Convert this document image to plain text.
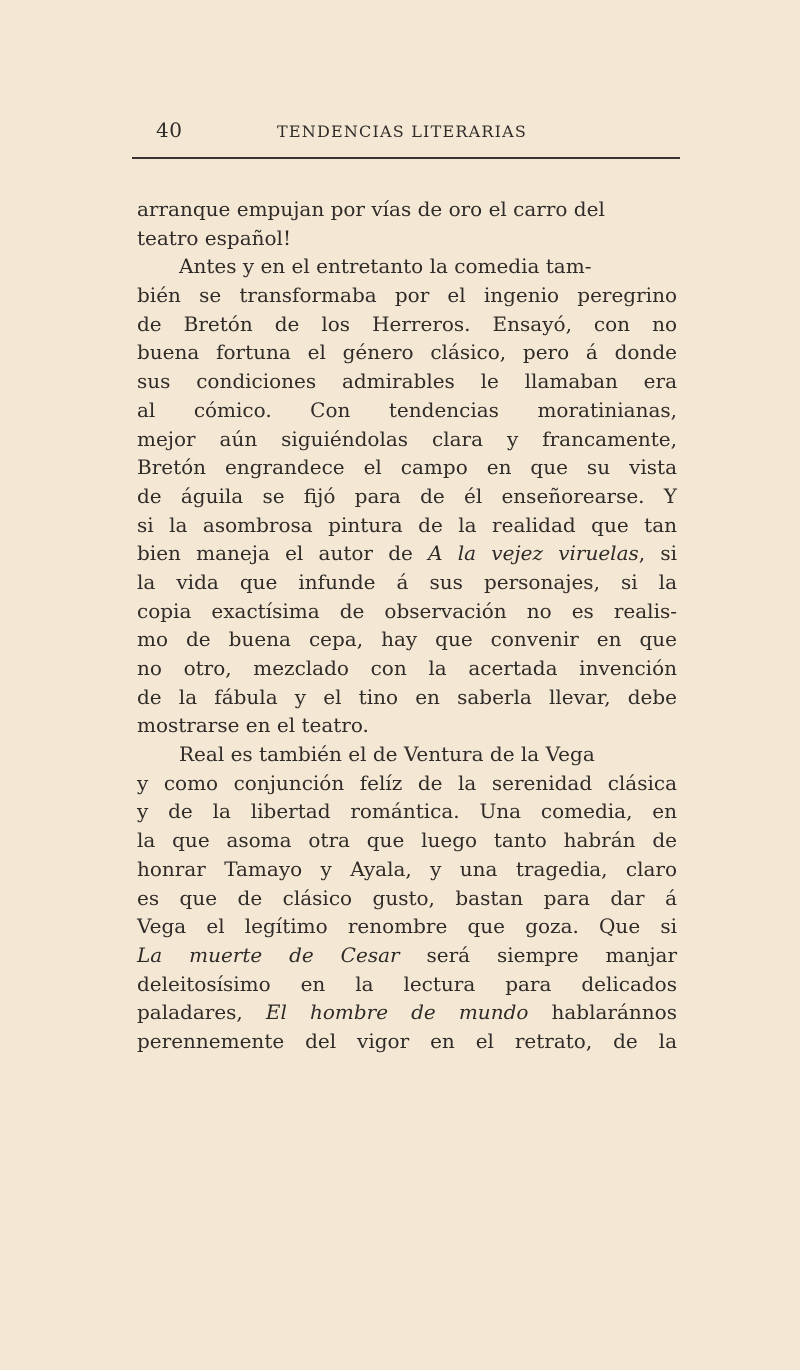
40	TENDENCIAS LITERARIAS
arranque empujan por vías de oro el carro del
teatro español!
Antes y en el entretanto la comedia tam-
bién se transformaba por el ingenio peregrino
de Bretón de los Herreros. Ensayó, con no
buena fortuna el género clásico, pero á donde
sus condiciones admirables le llamaban era
al cómico. Con tendencias moratinianas,
mejor aún siguiéndolas clara y francamente,
Bretón engrandece el campo en que su vista
de águila se fijó para de él enseñorearse. Y
si la asombrosa pintura de la realidad que tan
bien maneja el autor de A la vejez viruelas, si
la vida que infunde á sus personajes, si la
copia exactísima de observación no es realis-
mo de buena cepa, hay que convenir en que
no otro, mezclado con la acertada invención
de la fábula y el tino en saberla llevar, debe
mostrarse en el teatro.
Real es también el de Ventura de la Vega
y como conjunción felíz de la serenidad clásica
y de la libertad romántica. Una comedia, en
la que asoma otra que luego tanto habrán de
honrar Tamayo y Ayala, y una tragedia, claro
es que de clásico gusto, bastan para dar á
Vega el legítimo renombre que goza. Que si
La muerte de Cesar será siempre manjar
deleitosísimo en la lectura para delicados
paladares, El hombre de mundo hablaránnos
perennemente del vigor en el retrato, de la
